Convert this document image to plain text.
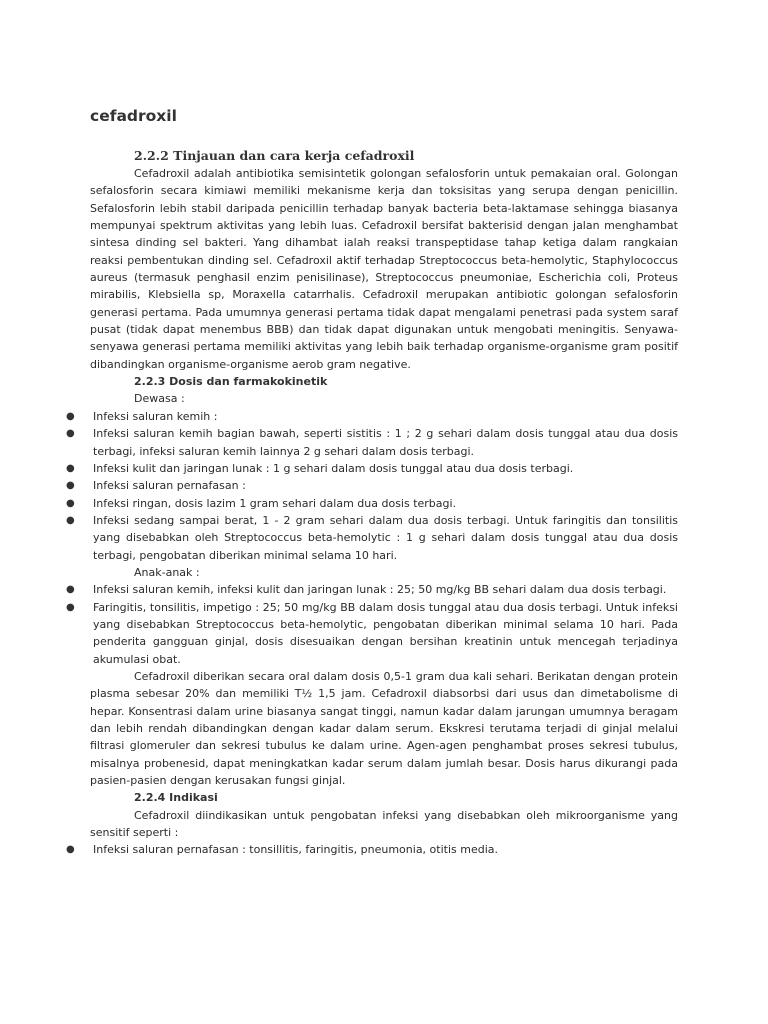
cefadroxil
2.2.2 Tinjauan dan cara kerja cefadroxil

Cefadroxil adalah antibiotika semisintetik golongan sefalosforin untuk pemakaian oral. Golongan sefalosforin secara kimiawi memiliki mekanisme kerja dan toksisitas yang serupa dengan penicillin. Sefalosforin lebih stabil daripada penicillin terhadap banyak bacteria beta-laktamase sehingga biasanya mempunyai spektrum aktivitas yang lebih luas. Cefadroxil bersifat bakterisid dengan jalan menghambat sintesa dinding sel bakteri. Yang dihambat ialah reaksi transpeptidase tahap ketiga dalam rangkaian reaksi pembentukan dinding sel. Cefadroxil aktif terhadap Streptococcus beta-hemolytic, Staphylococcus aureus (termasuk penghasil enzim penisilinase), Streptococcus pneumoniae, Escherichia coli, Proteus mirabilis, Klebsiella sp, Moraxella catarrhalis. Cefadroxil merupakan antibiotic golongan sefalosforin generasi pertama. Pada umumnya generasi pertama tidak dapat mengalami penetrasi pada system saraf pusat (tidak dapat menembus BBB) dan tidak dapat digunakan untuk mengobati meningitis. Senyawa-senyawa generasi pertama memiliki aktivitas yang lebih baik terhadap organisme-organisme gram positif dibandingkan organisme-organisme aerob gram negative.

2.2.3 Dosis dan farmakokinetik
Dewasa :
● Infeksi saluran kemih :
● Infeksi saluran kemih bagian bawah, seperti sistitis : 1 ; 2 g sehari dalam dosis tunggal atau dua dosis terbagi, infeksi saluran kemih lainnya 2 g sehari dalam dosis terbagi.
● Infeksi kulit dan jaringan lunak : 1 g sehari dalam dosis tunggal atau dua dosis terbagi.
● Infeksi saluran pernafasan :
● Infeksi ringan, dosis lazim 1 gram sehari dalam dua dosis terbagi.
● Infeksi sedang sampai berat, 1 - 2 gram sehari dalam dua dosis terbagi. Untuk faringitis dan tonsilitis yang disebabkan oleh Streptococcus beta-hemolytic : 1 g sehari dalam dosis tunggal atau dua dosis terbagi, pengobatan diberikan minimal selama 10 hari.
Anak-anak :
● Infeksi saluran kemih, infeksi kulit dan jaringan lunak : 25; 50 mg/kg BB sehari dalam dua dosis terbagi.
● Faringitis, tonsilitis, impetigo : 25; 50 mg/kg BB dalam dosis tunggal atau dua dosis terbagi. Untuk infeksi yang disebabkan Streptococcus beta-hemolytic, pengobatan diberikan minimal selama 10 hari. Pada penderita gangguan ginjal, dosis disesuaikan dengan bersihan kreatinin untuk mencegah terjadinya akumulasi obat.

Cefadroxil diberikan secara oral dalam dosis 0,5-1 gram dua kali sehari. Berikatan dengan protein plasma sebesar 20% dan memiliki T½ 1,5 jam. Cefadroxil diabsorbsi dari usus dan dimetabolisme di hepar. Konsentrasi dalam urine biasanya sangat tinggi, namun kadar dalam jarungan umumnya beragam dan lebih rendah dibandingkan dengan kadar dalam serum. Ekskresi terutama terjadi di ginjal melalui filtrasi glomeruler dan sekresi tubulus ke dalam urine. Agen-agen penghambat proses sekresi tubulus, misalnya probenesid, dapat meningkatkan kadar serum dalam jumlah besar. Dosis harus dikurangi pada pasien-pasien dengan kerusakan fungsi ginjal.

2.2.4 Indikasi

Cefadroxil diindikasikan untuk pengobatan infeksi yang disebabkan oleh mikroorganisme yang sensitif seperti :

● Infeksi saluran pernafasan : tonsillitis, faringitis, pneumonia, otitis media.
